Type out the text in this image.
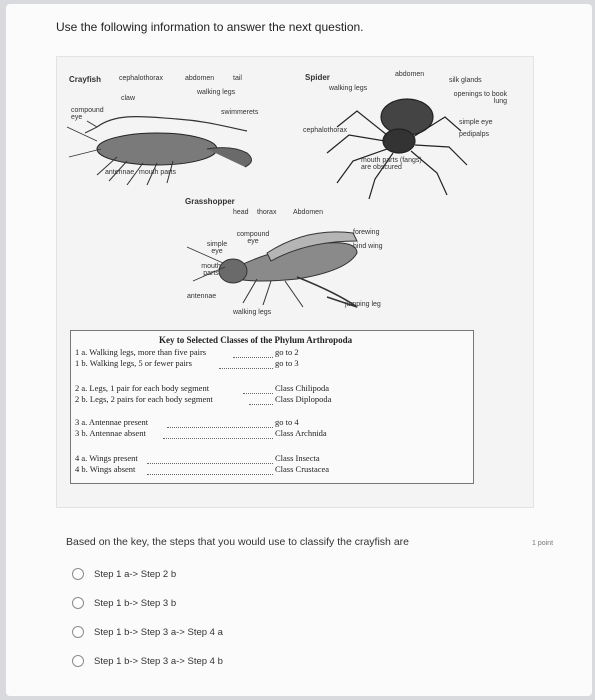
Use the following information to answer the next question.
Crayfish	cephalothorax	abdomen	tail
claw
walking legs
compound eye
swimmerets
antennae mouth parts
Spider
walking legs
abdomen
silk glands
openings to book lung
simple eye
pedipalps
cephalothorax
mouth parts (fangs) are obscured
Grasshopper
head thorax Abdomen
compound eye
simple eye
mouth parts
antennae
forewing
hind wing
walking legs
jumping leg
Key to Selected Classes of the Phylum Arthropoda
1 a. Walking legs, more than five pairs	go to 2
1 b. Walking legs, 5 or fewer pairs	go to 3
2 a. Legs, 1 pair for each body segment	Class Chilipoda
2 b. Legs, 2 pairs for each body segment	Class Diplopoda
3 a. Antennae present	go to 4
3 b. Antennae absent	Class Archnida
4 a. Wings present	Class Insecta
4 b. Wings absent	Class Crustacea
Based on the key, the steps that you would use to classify the crayfish are	1 point
Step 1 a-> Step 2 b
Step 1 b-> Step 3 b
Step 1 b-> Step 3 a-> Step 4 a
Step 1 b-> Step 3 a-> Step 4 b
